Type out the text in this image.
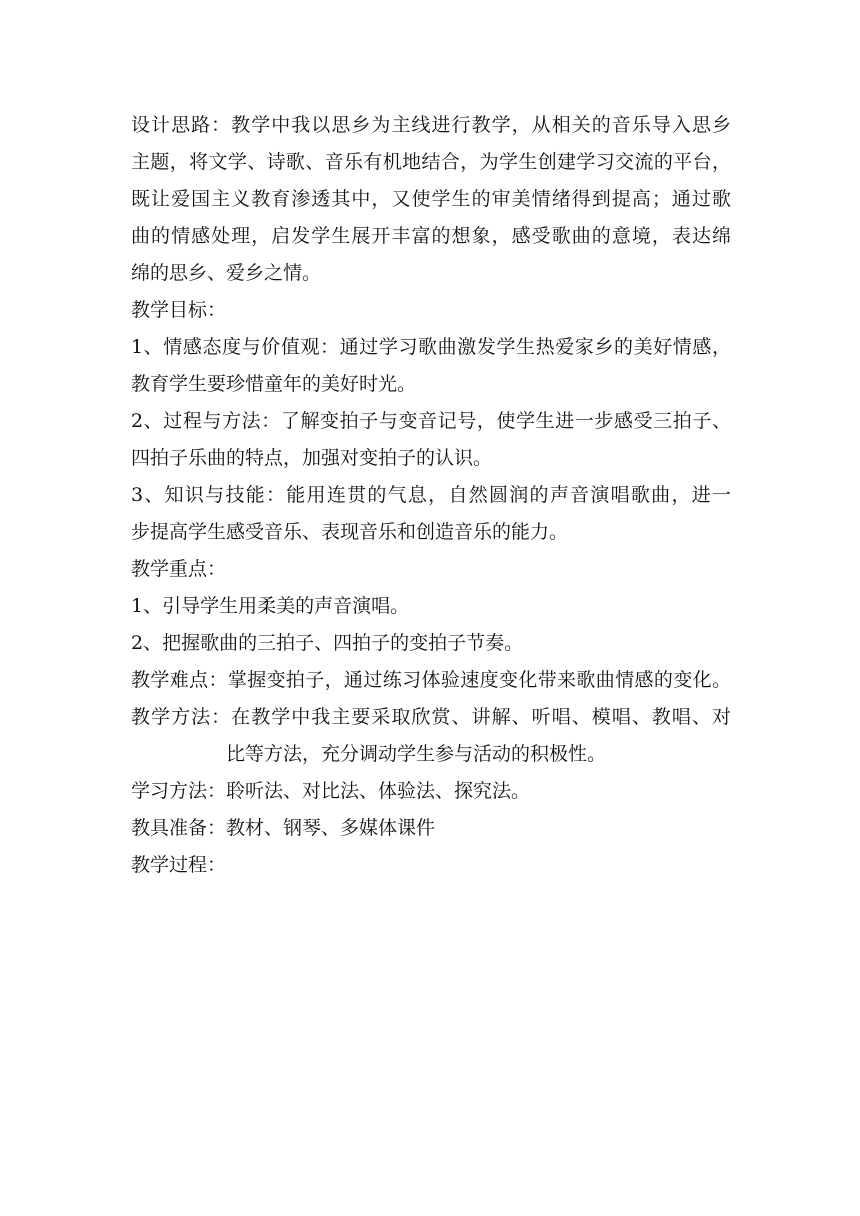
设计思路：教学中我以思乡为主线进行教学，从相关的音乐导入思乡
主题，将文学、诗歌、音乐有机地结合，为学生创建学习交流的平台，
既让爱国主义教育渗透其中，又使学生的审美情绪得到提高；通过歌
曲的情感处理，启发学生展开丰富的想象，感受歌曲的意境，表达绵
绵的思乡、爱乡之情。
教学目标：
1、情感态度与价值观：通过学习歌曲激发学生热爱家乡的美好情感，
教育学生要珍惜童年的美好时光。
2、过程与方法：了解变拍子与变音记号，使学生进一步感受三拍子、
四拍子乐曲的特点，加强对变拍子的认识。
3、知识与技能：能用连贯的气息，自然圆润的声音演唱歌曲，进一
步提高学生感受音乐、表现音乐和创造音乐的能力。
教学重点：
1、引导学生用柔美的声音演唱。
2、把握歌曲的三拍子、四拍子的变拍子节奏。
教学难点：掌握变拍子，通过练习体验速度变化带来歌曲情感的变化。
教学方法：在教学中我主要采取欣赏、讲解、听唱、模唱、教唱、对
比等方法，充分调动学生参与活动的积极性。
学习方法：聆听法、对比法、体验法、探究法。
教具准备：教材、钢琴、多媒体课件
教学过程：
